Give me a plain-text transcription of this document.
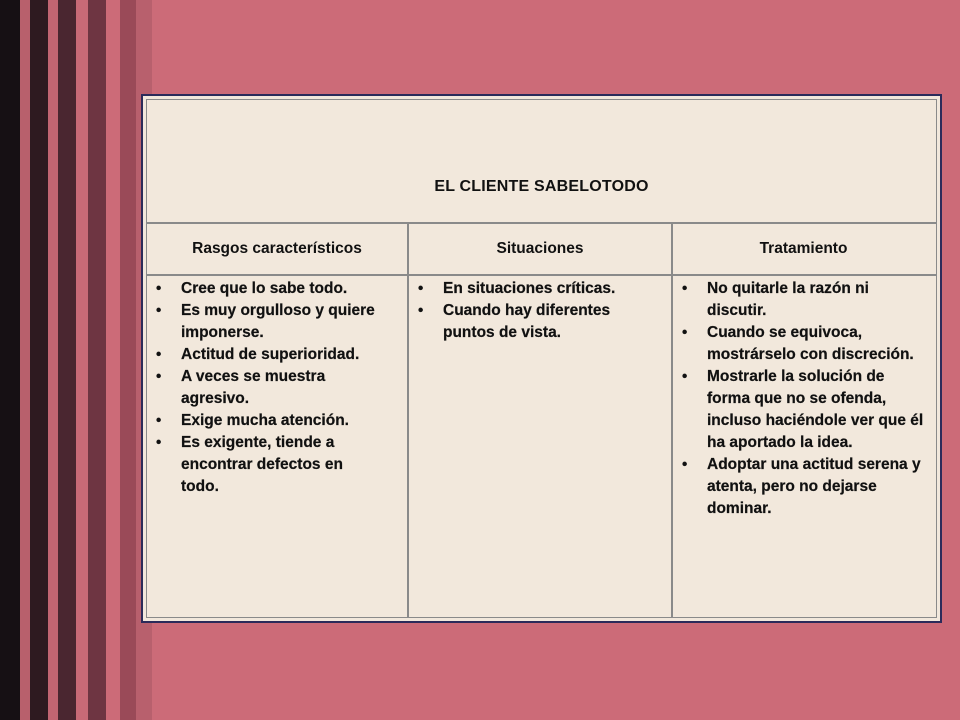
EL CLIENTE SABELOTODO
Rasgos característicos	Situaciones	Tratamiento
• Cree que lo sabe todo.
• Es muy orgulloso y quiere imponerse.
• Actitud de superioridad.
• A veces se muestra agresivo.
• Exige mucha atención.
• Es exigente, tiende a encontrar defectos en todo.
• En situaciones críticas.
• Cuando hay diferentes puntos de vista.
• No quitarle la razón ni discutir.
• Cuando se equivoca, mostrárselo con discreción.
• Mostrarle la solución de forma que no se ofenda, incluso haciéndole ver que él ha aportado la idea.
• Adoptar una actitud serena y atenta, pero no dejarse dominar.
